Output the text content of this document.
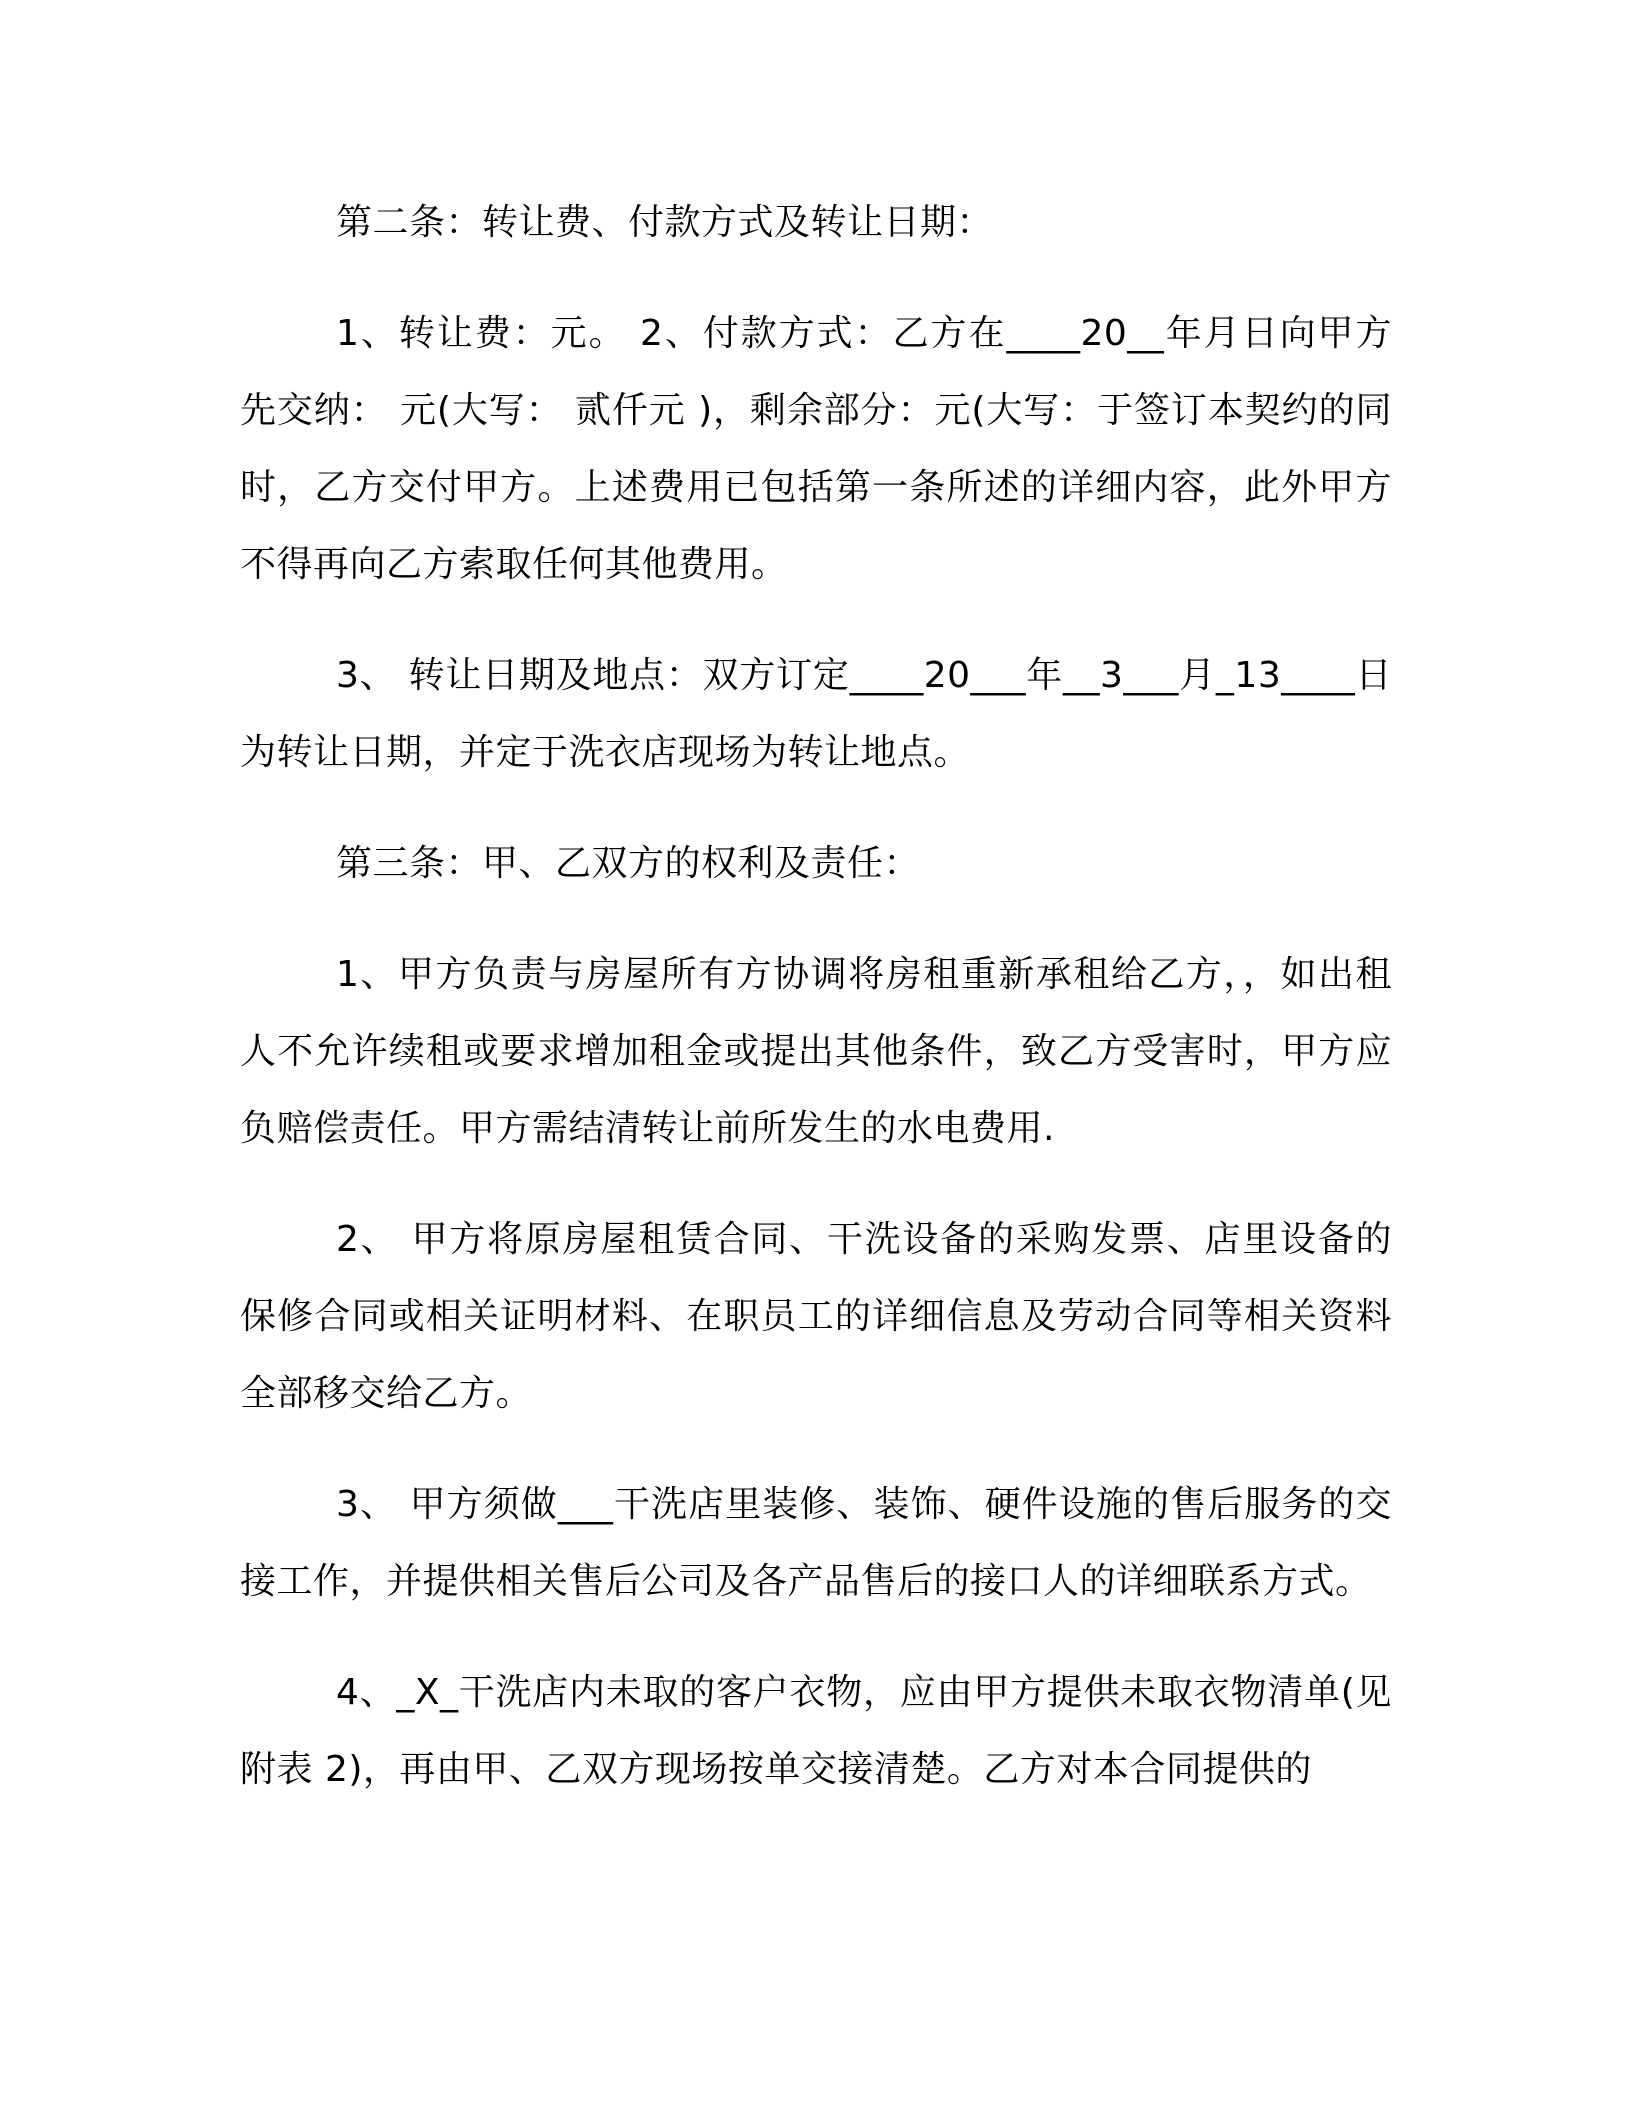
第二条：转让费、付款方式及转让日期：

1、转让费：元。 2、付款方式：乙方在____20__年月日向甲方先交纳： 元(大写： 贰仟元 )，剩余部分：元(大写：于签订本契约的同时，乙方交付甲方。上述费用已包括第一条所述的详细内容，此外甲方不得再向乙方索取任何其他费用。

3、 转让日期及地点：双方订定____20___年__3___月_13____日为转让日期，并定于洗衣店现场为转让地点。

第三条：甲、乙双方的权利及责任：

1、甲方负责与房屋所有方协调将房租重新承租给乙方，，如出租人不允许续租或要求增加租金或提出其他条件，致乙方受害时，甲方应负赔偿责任。甲方需结清转让前所发生的水电费用.

2、 甲方将原房屋租赁合同、干洗设备的采购发票、店里设备的保修合同或相关证明材料、在职员工的详细信息及劳动合同等相关资料全部移交给乙方。

3、 甲方须做___干洗店里装修、装饰、硬件设施的售后服务的交接工作，并提供相关售后公司及各产品售后的接口人的详细联系方式。

4、_X_干洗店内未取的客户衣物，应由甲方提供未取衣物清单(见附表 2)，再由甲、乙双方现场按单交接清楚。乙方对本合同提供的
